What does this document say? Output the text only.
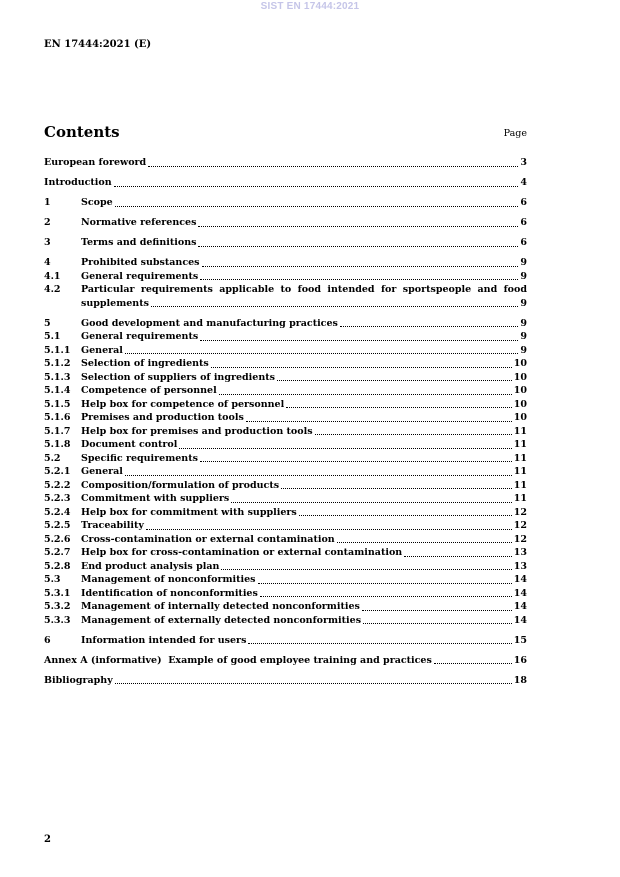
SIST EN 17444:2021
EN 17444:2021 (E)
Contents	Page
European foreword	3
Introduction	4
1	Scope	6
2	Normative references	6
3	Terms and definitions	6
4	Prohibited substances	9
4.1	General requirements	9
4.2	Particular requirements applicable to food intended for sportspeople and food
supplements	9
5	Good development and manufacturing practices	9
5.1	General requirements	9
5.1.1	General	9
5.1.2	Selection of ingredients	10
5.1.3	Selection of suppliers of ingredients	10
5.1.4	Competence of personnel	10
5.1.5	Help box for competence of personnel	10
5.1.6	Premises and production tools	10
5.1.7	Help box for premises and production tools	11
5.1.8	Document control	11
5.2	Specific requirements	11
5.2.1	General	11
5.2.2	Composition/formulation of products	11
5.2.3	Commitment with suppliers	11
5.2.4	Help box for commitment with suppliers	12
5.2.5	Traceability	12
5.2.6	Cross-contamination or external contamination	12
5.2.7	Help box for cross-contamination or external contamination	13
5.2.8	End product analysis plan	13
5.3	Management of nonconformities	14
5.3.1	Identification of nonconformities	14
5.3.2	Management of internally detected nonconformities	14
5.3.3	Management of externally detected nonconformities	14
6	Information intended for users	15
Annex A (informative)  Example of good employee training and practices	16
Bibliography	18
2
